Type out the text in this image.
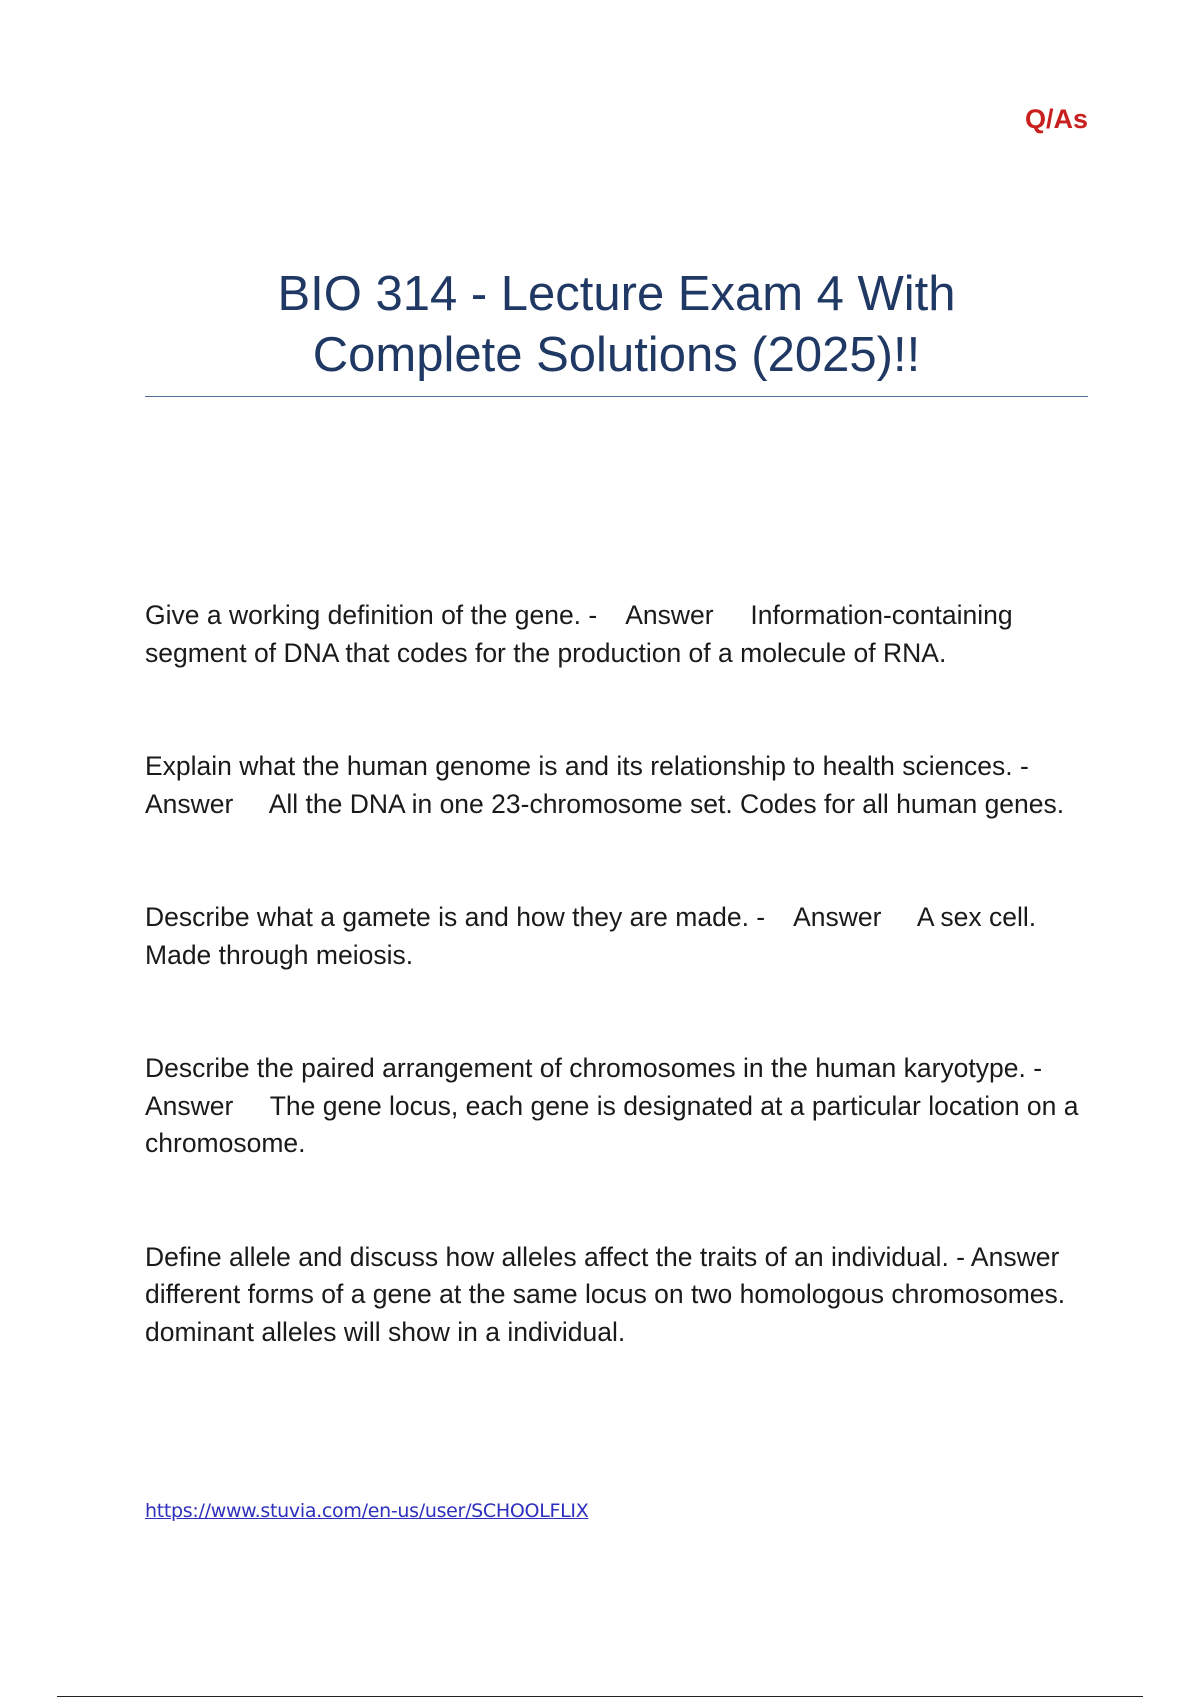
Q/As
BIO 314 - Lecture Exam 4 With
Complete Solutions (2025)!!

Give a working definition of the gene. -    Answer     Information-containing segment of DNA that codes for the production of a molecule of RNA.

Explain what the human genome is and its relationship to health sciences. - Answer     All the DNA in one 23-chromosome set. Codes for all human genes.

Describe what a gamete is and how they are made. -    Answer     A sex cell. Made through meiosis.

Describe the paired arrangement of chromosomes in the human karyotype. -   Answer     The gene locus, each gene is designated at a particular location on a chromosome.

Define allele and discuss how alleles affect the traits of an individual. - Answer     different forms of a gene at the same locus on two homologous chromosomes. dominant alleles will show in a individual.

https://www.stuvia.com/en-us/user/SCHOOLFLIX
